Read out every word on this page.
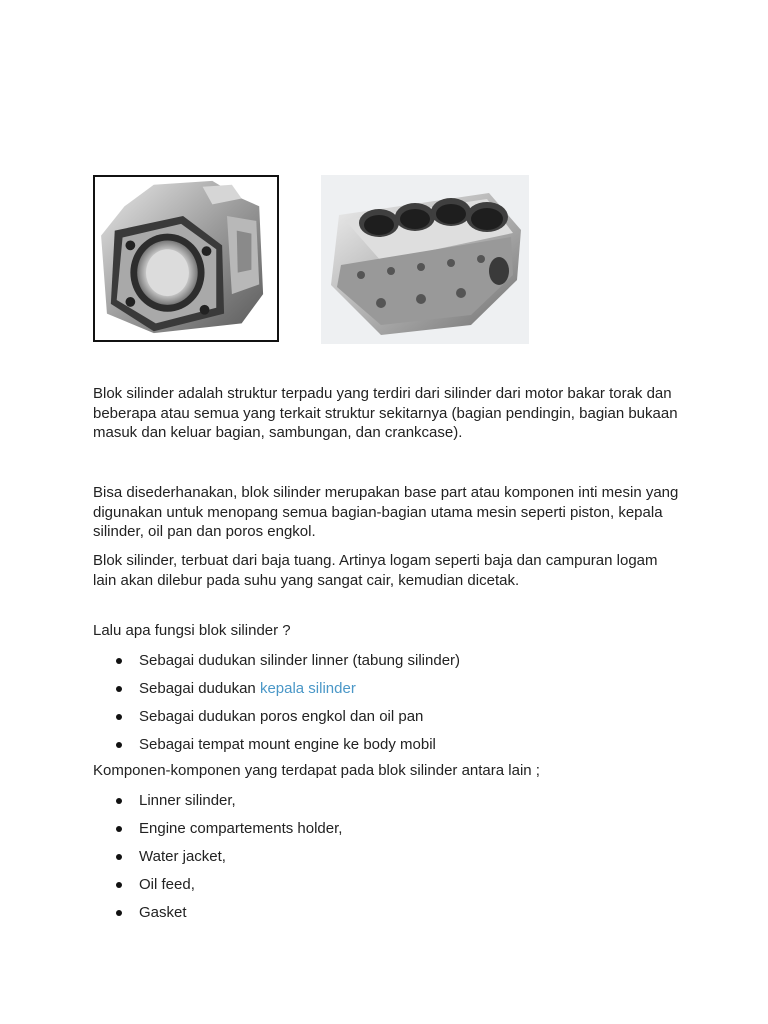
Blok silinder adalah struktur terpadu yang terdiri dari silinder dari motor bakar torak dan beberapa atau semua yang terkait struktur sekitarnya (bagian pendingin, bagian bukaan masuk dan keluar bagian, sambungan, dan crankcase).

Bisa disederhanakan, blok silinder merupakan base part atau komponen inti mesin yang digunakan untuk menopang semua bagian-bagian utama mesin seperti piston, kepala silinder, oil pan dan poros engkol.

Blok silinder, terbuat dari baja tuang. Artinya logam seperti baja dan campuran logam lain akan dilebur pada suhu yang sangat cair, kemudian dicetak.

Lalu apa fungsi blok silinder ?

Sebagai dudukan silinder linner (tabung silinder)
Sebagai dudukan kepala silinder
Sebagai dudukan poros engkol dan oil pan
Sebagai tempat mount engine ke body mobil

Komponen-komponen yang terdapat pada blok silinder antara lain ;

Linner silinder,
Engine compartements holder,
Water jacket,
Oil feed,
Gasket
